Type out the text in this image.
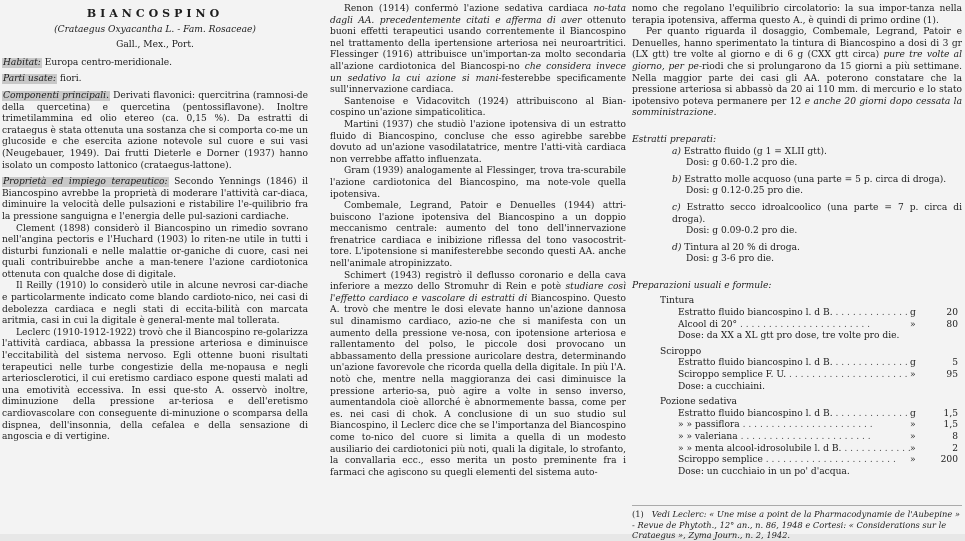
BIANCOSPINO

(Crataegus Oxyacantha L. - Fam. Rosaceae)

Gall., Mex., Port.

Habitat: Europa centro-meridionale.

Parti usate: fiori.

Componenti principali. Derivati flavonici: quercitrina (ramnosi-de della quercetina) e quercetina (pentossiflavone). Inoltre trimetilammina ed olio etereo (ca. 0,15 %). Da estratti di crataegus è stata ottenuta una sostanza che si comporta co-me un glucoside e che esercita azione notevole sul cuore e sui vasi (Neugebauer, 1949). Dai frutti Dieterle e Dorner (1937) hanno isolato un composto lattonico (crataegus-lattone).

Proprietà ed impiego terapeutico: Secondo Yennings (1846) il Biancospino avrebbe la proprietà di moderare l'attività car-diaca, diminuire la velocità delle pulsazioni e ristabilire l'e-quilibrio fra la pressione sanguigna e l'energia delle pul-sazioni cardiache.

Clement (1898) considerò il Biancospino un rimedio sovrano nell'angina pectoris e l'Huchard (1903) lo riten-ne utile in tutti i disturbi funzionali e nelle malattie or-ganiche di cuore, casi nei quali contribuirebbe anche a man-tenere l'azione cardiotonica ottenuta con qualche dose di digitale.

Il Reilly (1910) lo considerò utile in alcune nevrosi car-diache e particolarmente indicato come blando cardioto-nico, nei casi di debolezza cardiaca e negli stati di eccita-bilità con marcata aritmia, casi in cui la digitale è general-mente mal tollerata.

Leclerc (1910-1912-1922) trovò che il Biancospino re-golarizza l'attività cardiaca, abbassa la pressione arteriosa e diminuisce l'eccitabilità del sistema nervoso. Egli ottenne buoni risultati terapeutici nelle turbe congestizie della me-nopausa e negli arteriosclerotici, il cui eretismo cardiaco espone questi malati ad una emotività eccessiva. In essi que-sto A. osservò inoltre, diminuzione della pressione ar-teriosa e dell'eretismo cardiovascolare con conseguente di-minuzione o scomparsa della dispnea, dell'insonnia, della cefalea e della sensazione di angoscia e di vertigine.

Renon (1914) confermò l'azione sedativa cardiaca no-tata dagli AA. precedentemente citati e afferma di aver ottenuto buoni effetti terapeutici usando correntemente il Biancospino nel trattamento della ipertensione arteriosa nei neuroartritici. Flessinger (1916) attribuisce un'importan-za molto secondaria all'azione cardiotonica del Biancospi-no che considera invece un sedativo la cui azione si mani-festerebbe specificamente sull'innervazione cardiaca.

Santenoise e Vidacovitch (1924) attribuiscono al Bian-cospino un'azione simpaticolitica.

Martini (1937) che studiò l'azione ipotensiva di un estratto fluido di Biancospino, concluse che esso agirebbe sarebbe dovuto ad un'azione vasodilatatrice, mentre l'atti-vità cardiaca non verrebbe affatto influenzata.

Gram (1939) analogamente al Flessinger, trova tra-scurabile l'azione cardiotonica del Biancospino, ma note-vole quella ipotensiva.

Combemale, Legrand, Patoir e Denuelles (1944) attri-buiscono l'azione ipotensiva del Biancospino a un doppio meccanismo centrale: aumento del tono dell'innervazione frenatrice cardiaca e inibizione riflessa del tono vasocostrit-tore. L'ipotensione si manifesterebbe secondo questi AA. anche nell'animale atropinizzato.

Schimert (1943) registrò il deflusso coronario e della cava inferiore a mezzo dello Stromuhr di Rein e potè studiare così l'effetto cardiaco e vascolare di estratti di Biancospino. Questo A. trovò che mentre le dosi elevate hanno un'azione dannosa sul dinamismo cardiaco, azio-ne che si manifesta con un aumento della pressione ve-nosa, con ipotensione arteriosa e rallentamento del polso, le piccole dosi provocano un abbassamento della pressione auricolare destra, determinando un'azione favorevole che ricorda quella della digitale. In più l'A. notò che, mentre nella maggioranza dei casi diminuisce la pressione arterio-sa, può agire a volte in senso inverso, aumentandola cioè allorché è abnormemente bassa, come per es. nei casi di chok. A conclusione di un suo studio sul Biancospino, il Leclerc dice che se l'importanza del Biancospino come to-nico del cuore si limita a quella di un modesto ausiliario dei cardiotonici più noti, quali la digitale, lo strofanto, la convallaria ecc., esso merita un posto preminente fra i farmaci che agiscono su quegli elementi del sistema auto-

nomo che regolano l'equilibrio circolatorio: la sua impor-tanza nella terapia ipotensiva, afferma questo A., è quindi di primo ordine (1).

Per quanto riguarda il dosaggio, Combemale, Legrand, Patoir e Denuelles, hanno sperimentato la tintura di Biancospino a dosi di 3 gr (LX gtt) tre volte al giorno e di 6 g (CXX gtt circa) pure tre volte al giorno, per pe-riodi che si prolungarono da 15 giorni a più settimane. Nella maggior parte dei casi gli AA. poterono constatare che la pressione arteriosa si abbassò da 20 ai 110 mm. di mercurio e lo stato ipotensivo poteva permanere per 12 e anche 20 giorni dopo cessata la somministrazione.

Estratti preparati:

a) Estratto fluido (g 1 = XLII gtt).
Dosi: g 0.60-1.2 pro die.

b) Estratto molle acquoso (una parte = 5 p. circa di droga).
Dosi: g 0.12-0.25 pro die.

c) Estratto secco idroalcoolico (una parte = 7 p. circa di droga).
Dosi: g 0.09-0.2 pro die.

d) Tintura al 20 % di droga.
Dosi: g 3-6 pro die.

Preparazioni usuali e formule:

Tintura

Estratto fluido biancospino l. d B. . . .	g	20
Alcool di 20° . . .	»	80

Dose: da XX a XL gtt pro dose, tre volte pro die.

Sciroppo

Estratto fluido biancospino l. d B. . . .	g	5
Sciroppo semplice F. U. . . .	»	95

Dose: a cucchiaini.

Pozione sedativa

Estratto fluido biancospino l. d B. . . .	g	1,5
» » passiflora . . .	»	1,5
» » valeriana . . .	»	8
» » menta alcool-idrosolubile l. d B. . . .	»	2
Sciroppo semplice . . .	»	200

Dose: un cucchiaio in un po' d'acqua.

(1) Vedi Leclerc: « Une mise a point de la Pharmacodynamie de l'Aubepine » - Revue de Phytoth., 12° an., n. 86, 1948 e Cortesi: « Considerations sur le Crataegus », Zyma Journ., n. 2, 1942.
